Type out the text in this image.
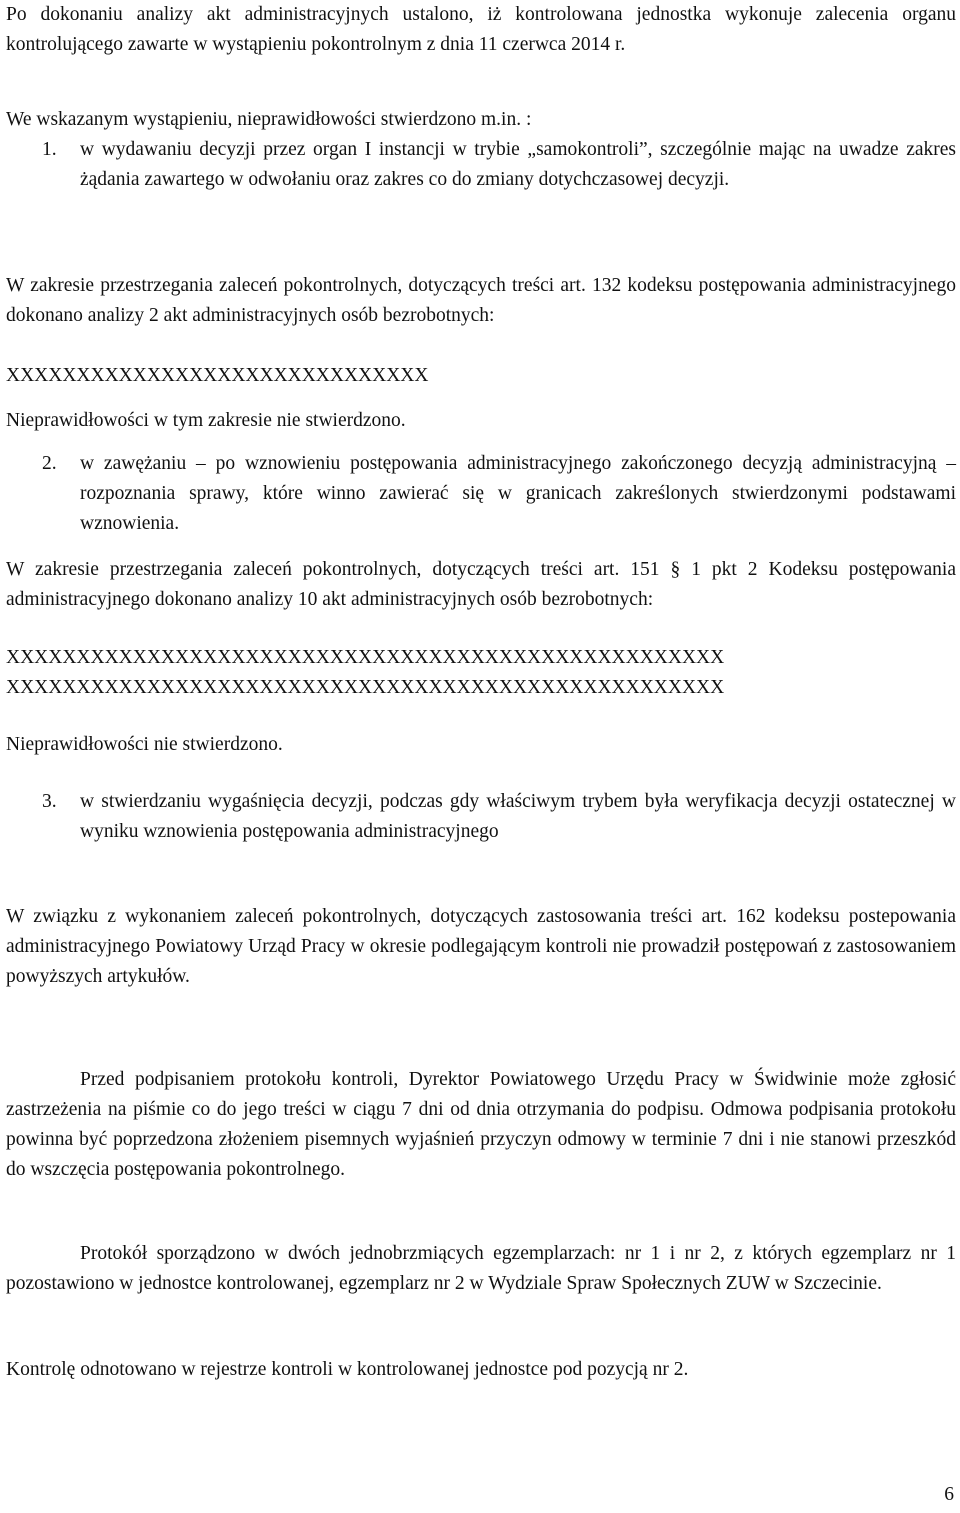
Po dokonaniu analizy akt administracyjnych ustalono, iż kontrolowana jednostka wykonuje zalecenia organu kontrolującego zawarte w wystąpieniu pokontrolnym z dnia 11 czerwca 2014 r.

We wskazanym wystąpieniu, nieprawidłowości stwierdzono m.in. :

1. w wydawaniu decyzji przez organ I instancji w trybie „samokontroli”, szczególnie mając na uwadze zakres żądania zawartego w odwołaniu oraz zakres co do zmiany dotychczasowej decyzji.

W zakresie przestrzegania zaleceń pokontrolnych, dotyczących treści art. 132 kodeksu postępowania administracyjnego dokonano analizy 2 akt administracyjnych osób bezrobotnych:

XXXXXXXXXXXXXXXXXXXXXXXXXXXXXX

Nieprawidłowości w tym zakresie nie stwierdzono.

2. w zawężaniu – po wznowieniu postępowania administracyjnego zakończonego decyzją administracyjną – rozpoznania sprawy, które winno zawierać się w granicach zakreślonych stwierdzonymi podstawami wznowienia.

W zakresie przestrzegania zaleceń pokontrolnych, dotyczących treści art. 151 § 1 pkt 2 Kodeksu postępowania administracyjnego dokonano analizy 10 akt administracyjnych osób bezrobotnych:

XXXXXXXXXXXXXXXXXXXXXXXXXXXXXXXXXXXXXXXXXXXXXXXXXXX

XXXXXXXXXXXXXXXXXXXXXXXXXXXXXXXXXXXXXXXXXXXXXXXXXXX

Nieprawidłowości nie stwierdzono.

3. w stwierdzaniu wygaśnięcia decyzji, podczas gdy właściwym trybem była weryfikacja decyzji ostatecznej w wyniku wznowienia postępowania administracyjnego

W związku z wykonaniem zaleceń pokontrolnych, dotyczących zastosowania treści art. 162 kodeksu postepowania administracyjnego Powiatowy Urząd Pracy w okresie podlegającym kontroli nie prowadził postępowań z zastosowaniem powyższych artykułów.

Przed podpisaniem protokołu kontroli, Dyrektor Powiatowego Urzędu Pracy w Świdwinie może zgłosić zastrzeżenia na piśmie co do jego treści w ciągu 7 dni od dnia otrzymania do podpisu. Odmowa podpisania protokołu powinna być poprzedzona złożeniem pisemnych wyjaśnień przyczyn odmowy w terminie 7 dni i nie stanowi przeszkód do wszczęcia postępowania pokontrolnego.

Protokół sporządzono w dwóch jednobrzmiących egzemplarzach: nr 1 i nr 2, z których egzemplarz nr 1 pozostawiono w jednostce kontrolowanej, egzemplarz nr 2 w Wydziale Spraw Społecznych ZUW w Szczecinie.

Kontrolę odnotowano w rejestrze kontroli w kontrolowanej jednostce pod pozycją nr 2.

6
